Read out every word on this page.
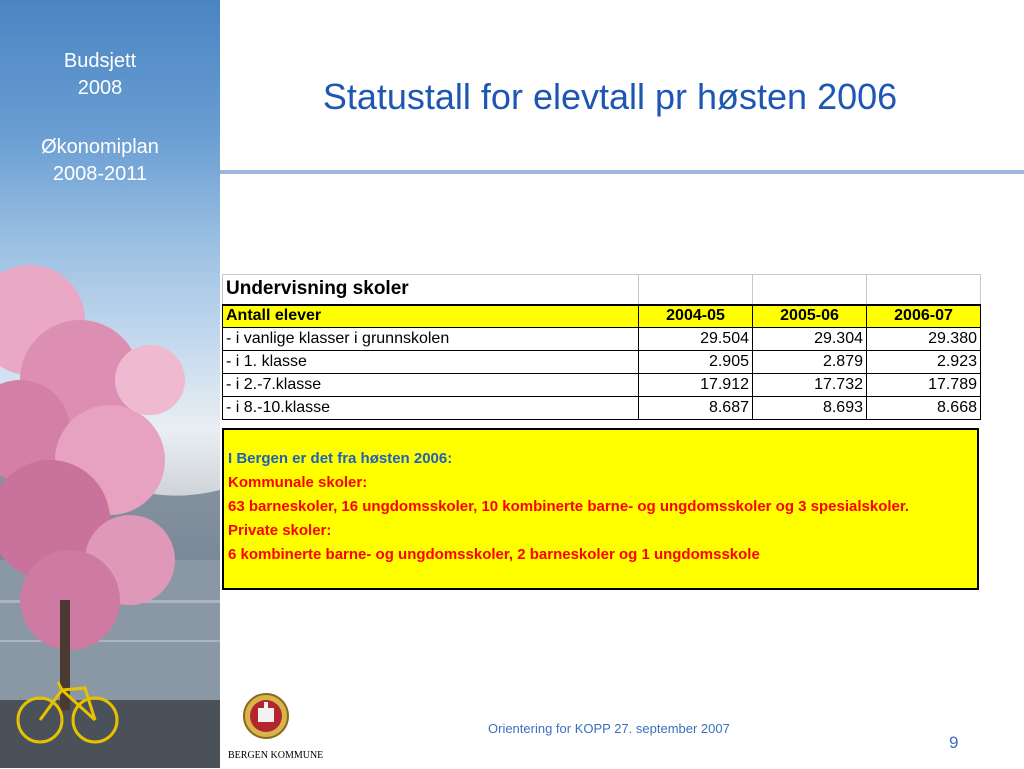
Budsjett
2008
Økonomiplan
2008-2011
Statustall for elevtall pr høsten 2006
Undervisning skoler			
Antall elever	2004-05	2005-06	2006-07
- i vanlige klasser i grunnskolen	29.504	29.304	29.380
- i 1. klasse	2.905	2.879	2.923
- i 2.-7.klasse	17.912	17.732	17.789
- i 8.-10.klasse	8.687	8.693	8.668
I Bergen er det fra høsten 2006:
Kommunale skoler:
63 barneskoler, 16 ungdomsskoler, 10 kombinerte barne- og ungdomsskoler og 3 spesialskoler.
Private skoler:
6 kombinerte barne- og ungdomsskoler, 2 barneskoler og 1 ungdomsskole
BERGEN KOMMUNE
Orientering for KOPP 27. september 2007
9
